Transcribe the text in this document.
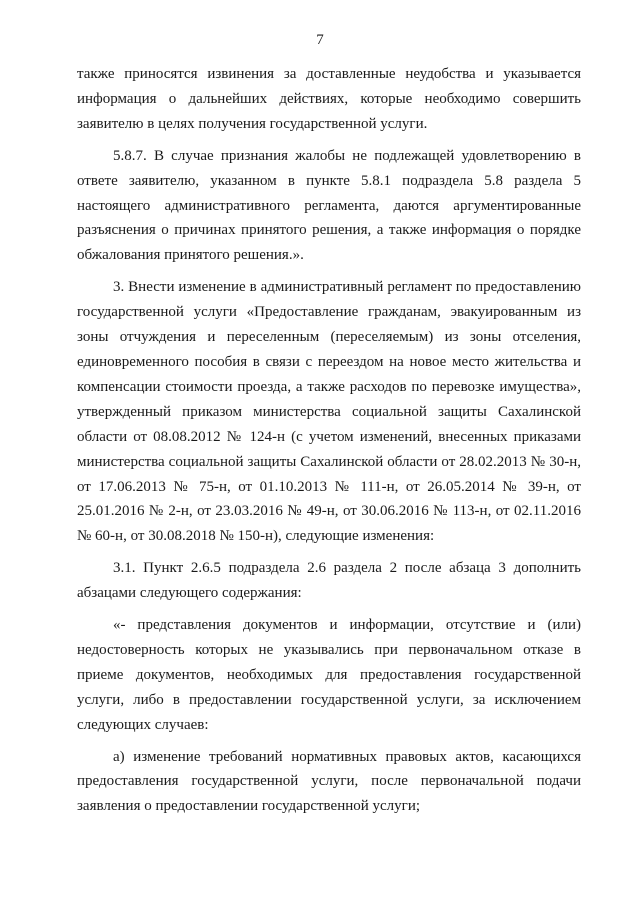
7
также приносятся извинения за доставленные неудобства и указывается
информация о дальнейших действиях, которые необходимо совершить
заявителю в целях получения государственной услуги.
5.8.7. В случае признания жалобы не подлежащей удовлетворению в
ответе заявителю, указанном в пункте 5.8.1 подраздела 5.8 раздела 5
настоящего административного регламента, даются аргументированные
разъяснения о причинах принятого решения, а также информация о порядке
обжалования принятого решения.».
3. Внести изменение в административный регламент по предоставлению
государственной услуги «Предоставление гражданам, эвакуированным из
зоны отчуждения и переселенным (переселяемым) из зоны отселения,
единовременного пособия в связи с переездом на новое место жительства и
компенсации стоимости проезда, а также расходов по перевозке имущества»,
утвержденный приказом министерства социальной защиты Сахалинской
области от 08.08.2012 № 124-н (с учетом изменений, внесенных приказами
министерства социальной защиты Сахалинской области от 28.02.2013 № 30-н,
от 17.06.2013 № 75-н, от 01.10.2013 № 111-н, от 26.05.2014 № 39-н, от
25.01.2016 № 2-н, от 23.03.2016 № 49-н, от 30.06.2016 № 113-н, от 02.11.2016
№ 60-н, от 30.08.2018 № 150-н), следующие изменения:
3.1. Пункт 2.6.5 подраздела 2.6 раздела 2 после абзаца 3 дополнить
абзацами следующего содержания:
«- представления документов и информации, отсутствие и (или)
недостоверность которых не указывались при первоначальном отказе в
приеме документов, необходимых для предоставления государственной
услуги, либо в предоставлении государственной услуги, за исключением
следующих случаев:
а) изменение требований нормативных правовых актов, касающихся
предоставления государственной услуги, после первоначальной подачи
заявления о предоставлении государственной услуги;
